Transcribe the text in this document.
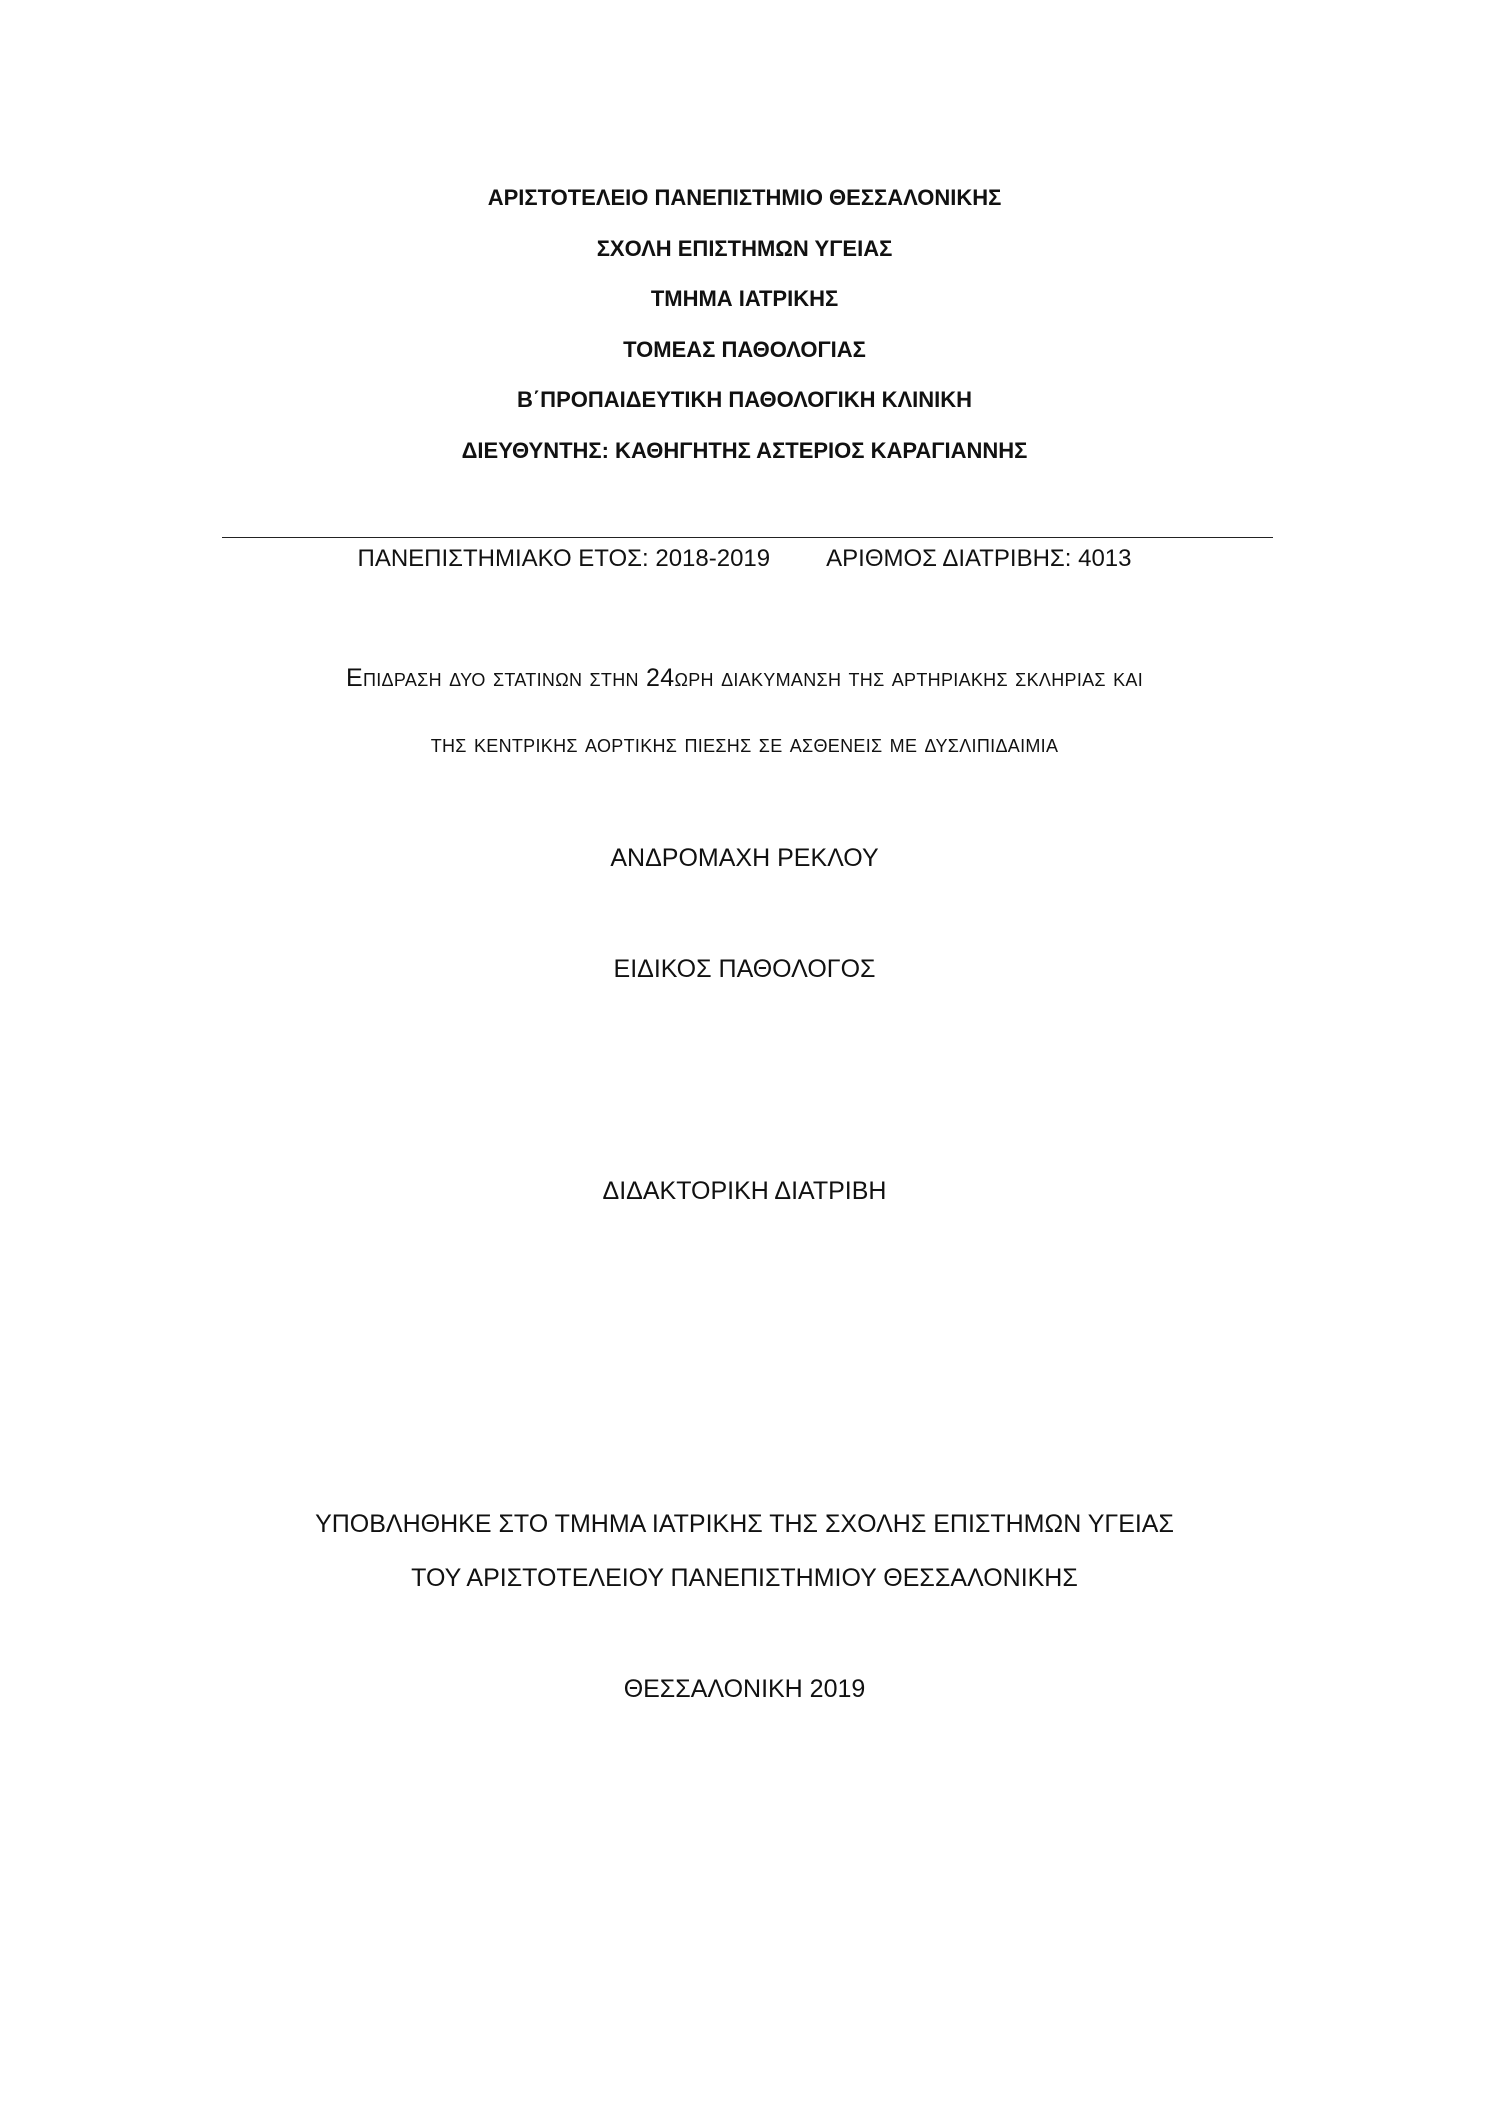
ΑΡΙΣΤΟΤΕΛΕΙΟ ΠΑΝΕΠΙΣΤΗΜΙΟ ΘΕΣΣΑΛΟΝΙΚΗΣ
ΣΧΟΛΗ ΕΠΙΣΤΗΜΩΝ ΥΓΕΙΑΣ
ΤΜΗΜΑ ΙΑΤΡΙΚΗΣ
ΤΟΜΕΑΣ ΠΑΘΟΛΟΓΙΑΣ
Β΄ΠΡΟΠΑΙΔΕΥΤΙΚΗ ΠΑΘΟΛΟΓΙΚΗ ΚΛΙΝΙΚΗ
ΔΙΕΥΘΥΝΤΗΣ: ΚΑΘΗΓΗΤΗΣ ΑΣΤΕΡΙΟΣ ΚΑΡΑΓΙΑΝΝΗΣ
ΠΑΝΕΠΙΣΤΗΜΙΑΚΟ ΕΤΟΣ: 2018-2019 ΑΡΙΘΜΟΣ ΔΙΑΤΡΙΒΗΣ: 4013
Επιδραση δυο στατινων στην 24ωρη διακυμανση της αρτηριακης σκληριας και
της κεντρικης αορτικης πιεσης σε ασθενεις με δυσλιπιδαιμια
ΑΝΔΡΟΜΑΧΗ ΡΕΚΛΟΥ
ΕΙΔΙΚΟΣ ΠΑΘΟΛΟΓΟΣ
ΔΙΔΑΚΤΟΡΙΚΗ ΔΙΑΤΡΙΒΗ
ΥΠΟΒΛΗΘΗΚΕ ΣΤΟ ΤΜΗΜΑ ΙΑΤΡΙΚΗΣ ΤΗΣ ΣΧΟΛΗΣ ΕΠΙΣΤΗΜΩΝ ΥΓΕΙΑΣ
ΤΟΥ ΑΡΙΣΤΟΤΕΛΕΙΟΥ ΠΑΝΕΠΙΣΤΗΜΙΟΥ ΘΕΣΣΑΛΟΝΙΚΗΣ
ΘΕΣΣΑΛΟΝΙΚΗ 2019
